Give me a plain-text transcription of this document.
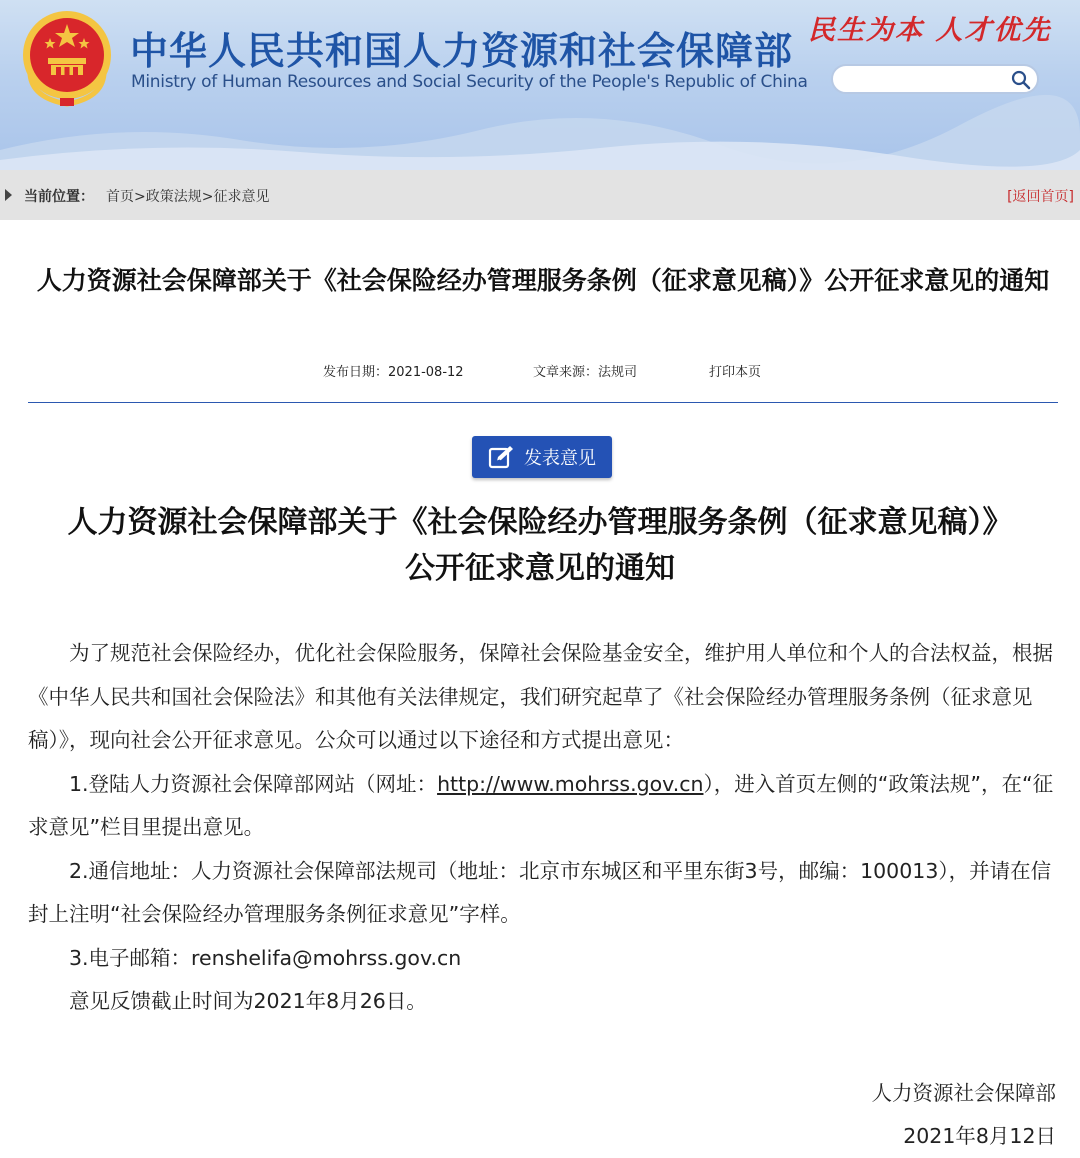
中华人民共和国人力资源和社会保障部

Ministry of Human Resources and Social Security of the People's Republic of China

民生为本 人才优先
当前位置： 首页>政策法规>征求意见	[返回首页]
人力资源社会保障部关于《社会保险经办管理服务条例（征求意见稿）》公开征求意见的通知
发布日期：2021-08-12	文章来源：法规司	打印本页
发表意见
人力资源社会保障部关于《社会保险经办管理服务条例（征求意见稿）》
公开征求意见的通知

为了规范社会保险经办，优化社会保险服务，保障社会保险基金安全，维护用人单位和个人的合法权益，根据《中华人民共和国社会保险法》和其他有关法律规定，我们研究起草了《社会保险经办管理服务条例（征求意见稿）》，现向社会公开征求意见。公众可以通过以下途径和方式提出意见：

1.登陆人力资源社会保障部网站（网址：http://www.mohrss.gov.cn），进入首页左侧的“政策法规”，在“征求意见”栏目里提出意见。

2.通信地址：人力资源社会保障部法规司（地址：北京市东城区和平里东街3号，邮编：100013），并请在信封上注明“社会保险经办管理服务条例征求意见”字样。

3.电子邮箱：renshelifa@mohrss.gov.cn

意见反馈截止时间为2021年8月26日。

人力资源社会保障部
2021年8月12日
